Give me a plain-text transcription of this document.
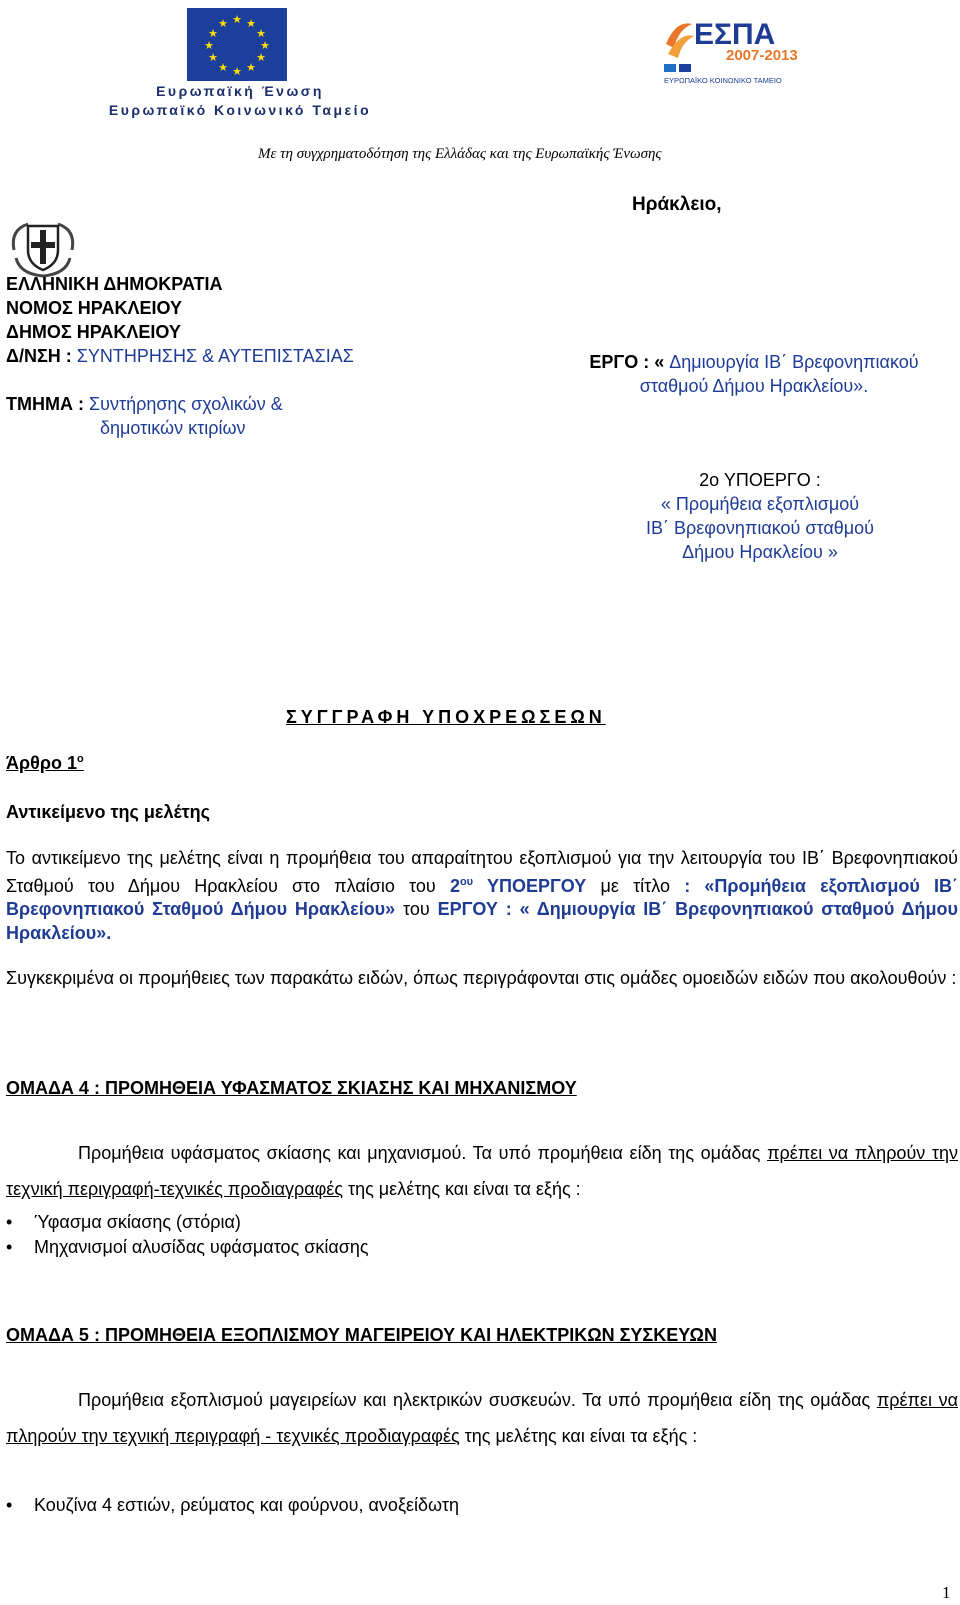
★ ★
★
★
★
★
★
★
★
★
★
★
Ευρωπαϊκή Ένωση
Ευρωπαϊκό Κοινωνικό Ταμείο
ΕΣΠΑ
2007-2013
ΕΥΡΩΠΑΪΚΟ ΚΟΙΝΩΝΙΚΟ ΤΑΜΕΙΟ
Με τη συγχρηματοδότηση της Ελλάδας και της Ευρωπαϊκής Ένωσης
Ηράκλειο,
ΕΛΛΗΝΙΚΗ ΔΗΜΟΚΡΑΤΙΑ
ΝΟΜΟΣ ΗΡΑΚΛΕΙΟΥ
ΔΗΜΟΣ ΗΡΑΚΛΕΙΟΥ
Δ/ΝΣΗ : ΣΥΝΤΗΡΗΣΗΣ & ΑΥΤΕΠΙΣΤΑΣΙΑΣ
ΤΜΗΜΑ : Συντήρησης σχολικών &
δημοτικών κτιρίων
ΕΡΓΟ : « Δημιουργία ΙΒ΄ Βρεφονηπιακού
σταθμού Δήμου Ηρακλείου».
2ο ΥΠΟΕΡΓΟ :
« Προμήθεια εξοπλισμού
ΙΒ΄ Βρεφονηπιακού σταθμού
Δήμου Ηρακλείου »
ΣΥΓΓΡΑΦΗ ΥΠΟΧΡΕΩΣΕΩΝ
Άρθρο $1^o$
Αντικείμενο της μελέτης
Το αντικείμενο της μελέτης είναι η προμήθεια του απαραίτητου εξοπλισμού για την λειτουργία του ΙΒ΄ Βρεφονηπιακού Σταθμού του Δήμου Ηρακλείου στο πλαίσιο του $2^{o\upsilon}$ ΥΠΟΕΡΓΟΥ με τίτλο : «Προμήθεια εξοπλισμού ΙΒ΄ Βρεφονηπιακού Σταθμού Δήμου Ηρακλείου» του ΕΡΓΟΥ : « Δημιουργία ΙΒ΄ Βρεφονηπιακού σταθμού Δήμου Ηρακλείου».
Συγκεκριμένα οι προμήθειες των παρακάτω ειδών, όπως περιγράφονται στις ομάδες ομοειδών ειδών που ακολουθούν :
ΟΜΑΔΑ 4 : ΠΡΟΜΗΘΕΙΑ ΥΦΑΣΜΑΤΟΣ ΣΚΙΑΣΗΣ ΚΑΙ ΜΗΧΑΝΙΣΜΟΥ
Προμήθεια υφάσματος σκίασης και μηχανισμού. Τα υπό προμήθεια είδη της ομάδας πρέπει να πληρούν την τεχνική περιγραφή-τεχνικές προδιαγραφές της μελέτης και είναι τα εξής :
• Ύφασμα σκίασης (στόρια)
• Μηχανισμοί αλυσίδας υφάσματος σκίασης
ΟΜΑΔΑ 5 : ΠΡΟΜΗΘΕΙΑ ΕΞΟΠΛΙΣΜΟΥ ΜΑΓΕΙΡΕΙΟΥ ΚΑΙ ΗΛΕΚΤΡΙΚΩΝ ΣΥΣΚΕΥΩΝ
Προμήθεια εξοπλισμού μαγειρείων και ηλεκτρικών συσκευών. Τα υπό προμήθεια είδη της ομάδας πρέπει να πληρούν την τεχνική περιγραφή - τεχνικές προδιαγραφές της μελέτης και είναι τα εξής :
• Κουζίνα 4 εστιών, ρεύματος και φούρνου, ανοξείδωτη
1
